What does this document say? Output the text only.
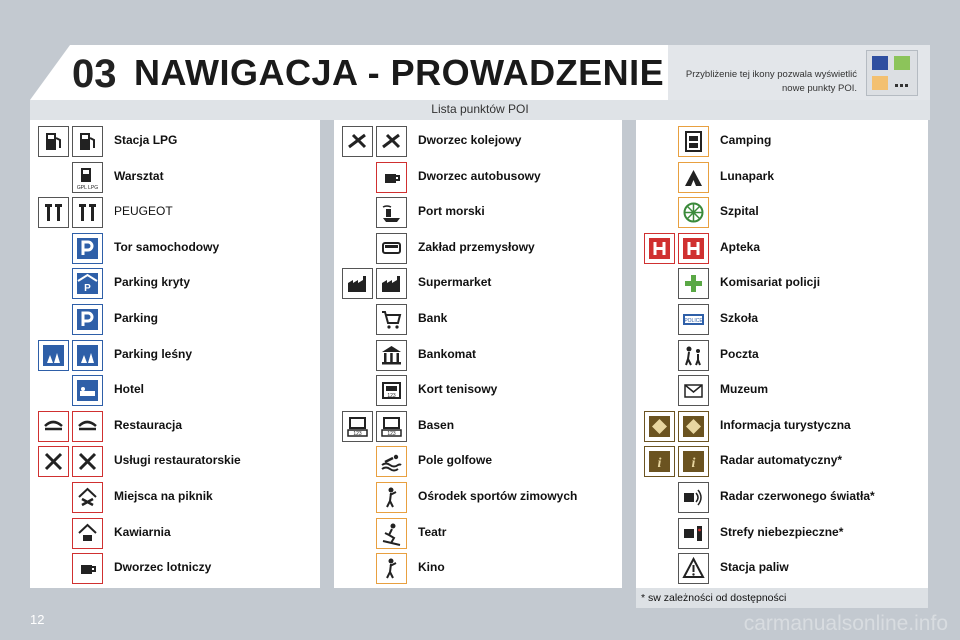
03 NAWIGACJA - PROWADZENIE	Przybliżenie tej ikony pozwala wyświetlić
nowe punkty POI.
Lista punktów POI
Stacja LPG
GPL LPG
Warsztat
PEUGEOT
Tor samochodowy
P Parking kryty
Parking
Parking leśny
Hotel
Restauracja
Usługi restauratorskie
Miejsca na piknik
Kawiarnia
Dworzec lotniczy
Dworzec kolejowy
Dworzec autobusowy
Port morski
Zakład przemysłowy
Supermarket
Bank
Bankomat
123 Kort tenisowy
123	123
Basen
Pole golfowe
Ośrodek sportów zimowych
Teatr
Kino
Camping
Lunapark
Szpital
Apteka
Komisariat policji
POLICE Szkoła
Poczta
Muzeum
Informacja turystyczna
i i Radar automatyczny*
Radar czerwonego światła*
Strefy niebezpieczne*
Stacja paliw
* sw zależności od dostępności
12	carmanualsonline.info
